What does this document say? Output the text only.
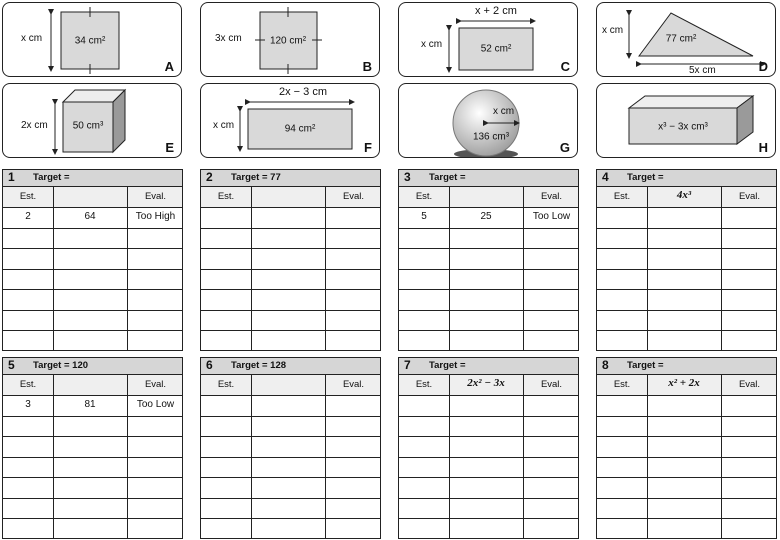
x cm	34 cm²
A
3x cm	120 cm²
B
x + 2 cm
x cm	52 cm²
C
x cm
77 cm²
5x cm	D
2x cm	50 cm³
E
2x − 3 cm
x cm	94 cm²
F
x cm
136 cm³
G
x³ − 3x cm³
H
1 Target =
Est.	Eval.
2	64	Too High
2 Target = 77
Est.	Eval.
3 Target =
Est.	Eval.
5	25	Too Low
4 Target =
Est.	4x³	Eval.
5 Target = 120
Est.	Eval.
3	81	Too Low
6 Target = 128
Est.	Eval.
7 Target =
Est.	2x² − 3x	Eval.
8 Target =
Est.	x² + 2x	Eval.
